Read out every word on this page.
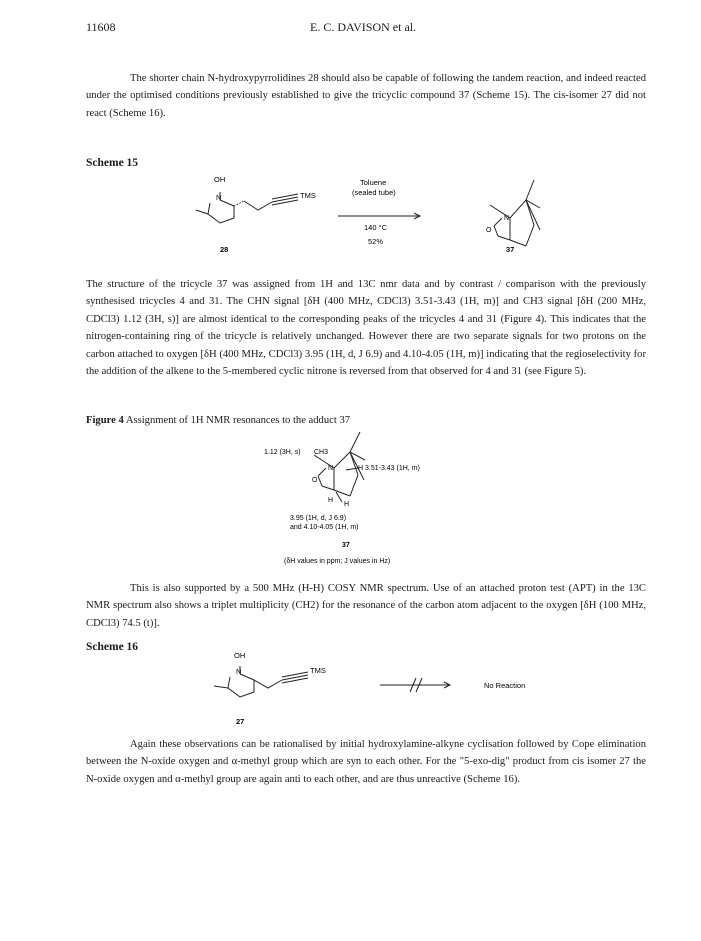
11608	E. C. DAVISON et al.
The shorter chain N-hydroxypyrrolidines 28 should also be capable of following the tandem reaction, and indeed reacted under the optimised conditions previously established to give the tricyclic compound 37 (Scheme 15). The cis-isomer 27 did not react (Scheme 16).
Scheme 15
OH
N	TMS
Toluene
(sealed tube)
140 °C
52%
28	37
N
O
The structure of the tricycle 37 was assigned from 1H and 13C nmr data and by contrast / comparison with the previously synthesised tricycles 4 and 31. The CHN signal [δH (400 MHz, CDCl3) 3.51-3.43 (1H, m)] and CH3 signal [δH (200 MHz, CDCl3) 1.12 (3H, s)] are almost identical to the corresponding peaks of the tricycles 4 and 31 (Figure 4). This indicates that the nitrogen-containing ring of the tricycle is relatively unchanged. However there are two separate signals for two protons on the carbon attached to oxygen [δH (400 MHz, CDCl3) 3.95 (1H, d, J 6.9) and 4.10-4.05 (1H, m)] indicating that the regioselectivity for the addition of the alkene to the 5-membered cyclic nitrone is reversed from that observed for 4 and 31 (see Figure 5).
Figure 4 Assignment of 1H NMR resonances to the adduct 37
1.12 (3H, s) CH3
N
O
H 3.51-3.43 (1H, m)
H
H
3.95 (1H, d, J 6.9)
and 4.10-4.05 (1H, m)
37
(δH values in ppm; J values in Hz)
This is also supported by a 500 MHz (H-H) COSY NMR spectrum. Use of an attached proton test (APT) in the 13C NMR spectrum also shows a triplet multiplicity (CH2) for the resonance of the carbon atom adjacent to the oxygen [δH (100 MHz, CDCl3) 74.5 (t)].
Scheme 16
OH
N	TMS
No Reaction
27
Again these observations can be rationalised by initial hydroxylamine-alkyne cyclisation followed by Cope elimination between the N-oxide oxygen and α-methyl group which are syn to each other. For the "5-exo-dig" product from cis isomer 27 the N-oxide oxygen and α-methyl group are again anti to each other, and are thus unreactive (Scheme 16).
